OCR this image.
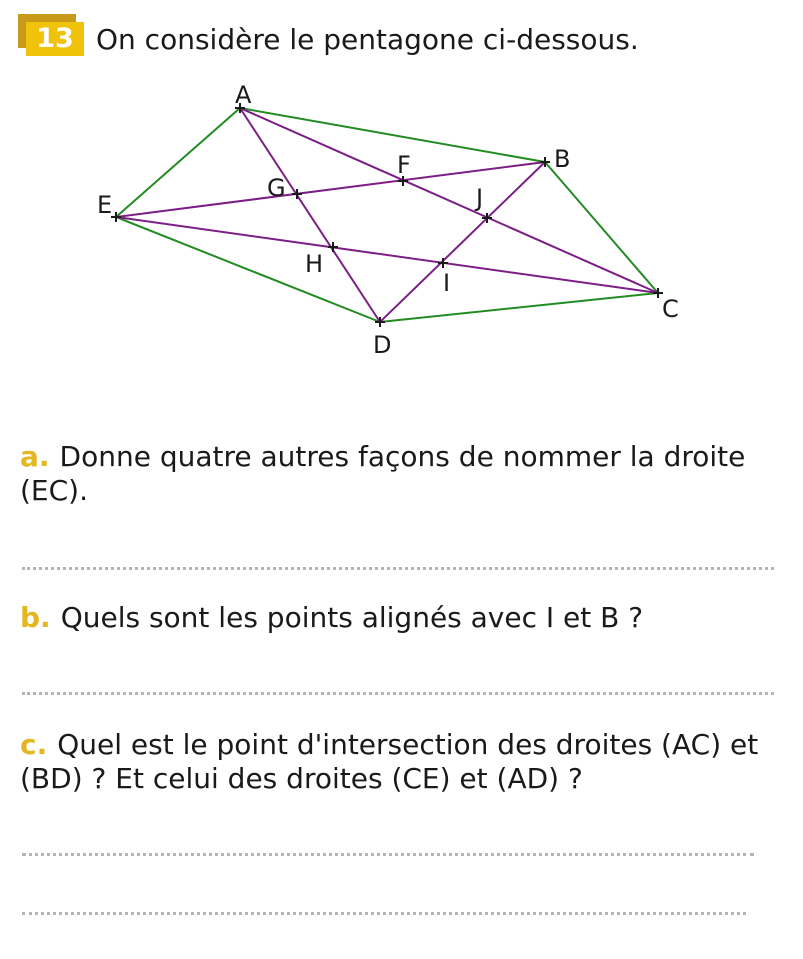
13 On considère le pentagone ci-dessous.
A
B
C
D
E
F
G
H
I
J
a. Donne quatre autres façons de nommer la droite (EC).
b. Quels sont les points alignés avec I et B ?
c. Quel est le point d'intersection des droites (AC) et (BD) ? Et celui des droites (CE) et (AD) ?
